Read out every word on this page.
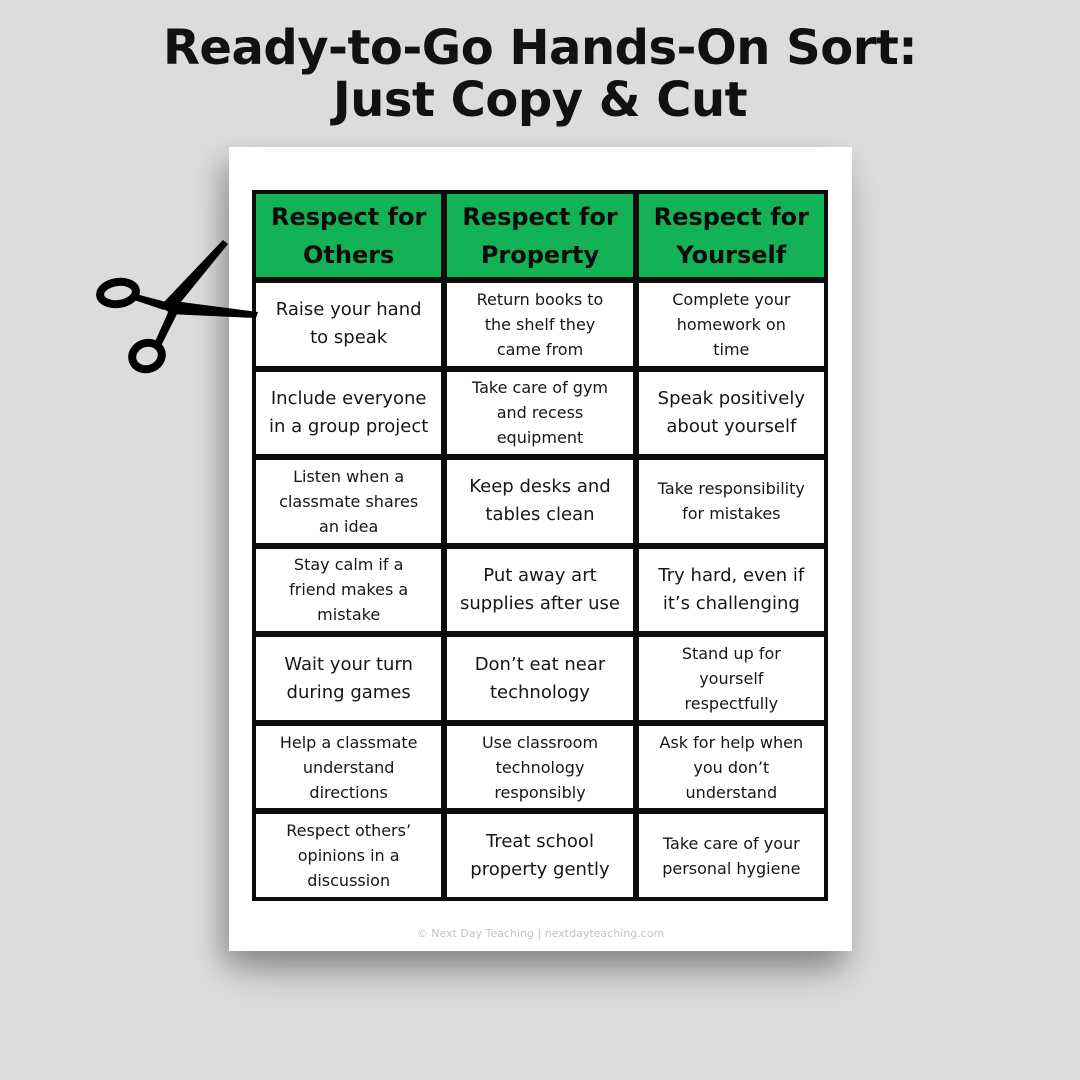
Ready-to-Go Hands-On Sort:
Just Copy & Cut
Respect for
Others
Respect for
Property
Respect for
Yourself
Raise your hand
to speak
Return books to
the shelf they
came from
Complete your
homework on
time
Include everyone
in a group project
Take care of gym
and recess
equipment
Speak positively
about yourself
Listen when a
classmate shares
an idea
Keep desks and
tables clean
Take responsibility
for mistakes
Stay calm if a
friend makes a
mistake
Put away art
supplies after use
Try hard, even if
it’s challenging
Wait your turn
during games
Don’t eat near
technology
Stand up for
yourself
respectfully
Help a classmate
understand
directions
Use classroom
technology
responsibly
Ask for help when
you don’t
understand
Respect others’
opinions in a
discussion
Treat school
property gently
Take care of your
personal hygiene
© Next Day Teaching | nextdayteaching.com
